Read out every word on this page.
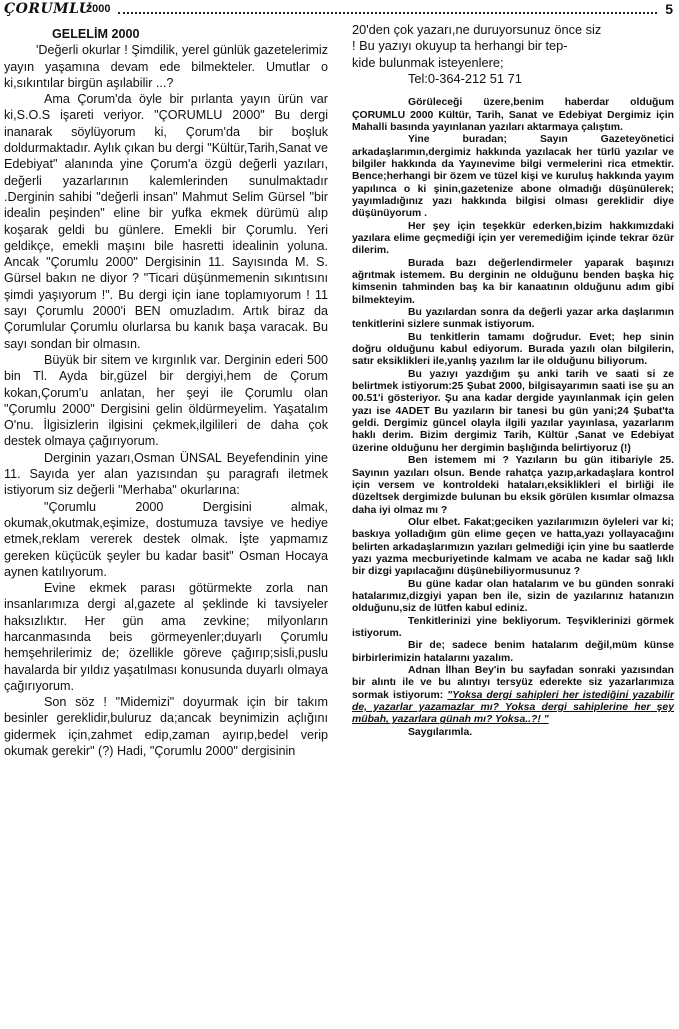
ÇORUMLU
2000	5
GELELİM 2000

'Değerli okurlar ! Şimdilik, yerel günlük gazetelerimiz yayın yaşamına devam ede bilmekteler. Umutlar o ki,sıkıntılar birgün aşılabilir ...?

Ama Çorum'da öyle bir pırlanta yayın ürün var ki,S.O.S işareti veriyor. "ÇORUMLU 2000" Bu dergi inanarak söylüyorum ki, Çorum'da bir boşluk doldurmaktadır. Aylık çıkan bu dergi "Kültür,Tarih,Sanat ve Edebiyat" alanında yine Çorum'a özgü değerli yazıları, değerli yazarlarının kalemlerinden sunulmaktadır .Derginin sahibi "değerli insan" Mahmut Selim Gürsel "bir idealin peşinden" eline bir yufka ekmek dürümü alıp koşarak geldi bu günlere. Emekli bir Çorumlu. Yeri geldikçe, emekli maşını bile hasretti idealinin yoluna. Ancak "Çorumlu 2000" Dergisinin 11. Sayısında M. S. Gürsel bakın ne diyor ? "Ticari düşünmemenin sıkıntısını şimdi yaşıyorum !". Bu dergi için iane toplamıyorum ! 11 sayı Çorumlu 2000'i BEN omuzladım. Artık biraz da Çorumlular Çorumlu olurlarsa bu kanık başa varacak. Bu sayı sondan bir olmasın.

Büyük bir sitem ve kırgınlık var. Derginin ederi 500 bin Tl. Ayda bir,güzel bir dergiyi,hem de Çorum kokan,Çorum'u anlatan, her şeyi ile Çorumlu olan "Çorumlu 2000" Dergisini gelin öldürmeyelim. Yaşatalım O'nu. İlgisizlerin ilgisini çekmek,ilgilileri de daha çok destek olmaya çağırıyorum.

Derginin yazarı,Osman ÜNSAL Beyefendinin yine 11. Sayıda yer alan yazısından şu paragrafı iletmek istiyorum siz değerli "Merhaba" okurlarına:

"Çorumlu 2000 Dergisini almak, okumak,okutmak,eşimize, dostumuza tavsiye ve hediye etmek,reklam vererek destek olmak. İşte yapmamız gereken küçücük şeyler bu kadar basit" Osman Hocaya aynen katılıyorum.

Evine ekmek parası götürmekte zorla nan insanlarımıza dergi al,gazete al şeklinde ki tavsiyeler haksızlıktır. Her gün ama zevkine; milyonların harcanmasında beis görmeyenler;duyarlı Çorumlu hemşehrilerimiz de; özellikle göreve çağırıp;sisli,puslu havalarda bir yıldız yaşatılması konusunda duyarlı olmaya çağırıyorum.

Son söz ! "Midemizi" doyurmak için bir takım besinler gereklidir,buluruz da;ancak beynimizin açlığını gidermek için,zahmet edip,zaman ayırıp,bedel verip okumak gerekir" (?) Hadi, "Çorumlu 2000" dergisinin

20'den çok yazarı,ne duruyorsunuz önce siz
! Bu yazıyı okuyup ta herhangi bir tep-
kide bulunmak isteyenlere;
Tel:0-364-212 51 71

Görüleceği üzere,benim haberdar olduğum ÇORUMLU 2000 Kültür, Tarih, Sanat ve Edebiyat Dergimiz için Mahalli basında yayınlanan yazıları aktarmaya çalıştım.

Yine buradan; Sayın Gazeteyönetici arkadaşlarımın,dergimiz hakkında yazılacak her türlü yazılar ve bilgiler hakkında da Yayınevime bilgi vermelerini rica etmektir. Bence;herhangi bir özem ve tüzel kişi ve kuruluş hakkında yayım yapılınca o ki şinin,gazetenize abone olmadığı düşünülerek; yayımladığınız yazı hakkında bilgisi olması gereklidir diye düşünüyorum .

Her şey için teşekkür ederken,bizim hakkımızdaki yazılara elime geçmediği için yer veremediğim içinde tekrar özür dilerim.

Burada bazı değerlendirmeler yaparak başınızı ağrıtmak istemem. Bu derginin ne olduğunu benden başka hiç kimsenin tahminden baş ka bir kanaatının olduğunu adım gibi bilmekteyim.

Bu yazılardan sonra da değerli yazar arka daşlarımın tenkitlerini sizlere sunmak istiyorum.

Bu tenkitlerin tamamı doğrudur. Evet; hep sinin doğru olduğunu kabul ediyorum. Burada yazılı olan bilgilerin, satır eksiklikleri ile,yanlış yazılım lar ile olduğunu biliyorum.

Bu yazıyı yazdığım şu anki tarih ve saati si ze belirtmek istiyorum:25 Şubat 2000, bilgisayarımın saati ise şu an 00.51'i gösteriyor. Şu ana kadar dergide yayınlanmak için gelen yazı ise 4ADET Bu yazıların bir tanesi bu gün yani;24 Şubat'ta geldi. Dergimiz güncel olayla ilgili yazılar yayınlasa, yazarlarım haklı derim. Bizim dergimiz Tarih, Kültür ,Sanat ve Edebiyat üzerine olduğunu her dergimin başlığında belirtiyoruz (!)

Ben istemem mi ? Yazıların bu gün itibariyle 25. Sayının yazıları olsun. Bende rahatça yazıp,arkadaşlara kontrol için versem ve kontroldeki hataları,eksiklikleri el birliği ile düzeltsek dergimizde bulunan bu eksik görülen kısımlar olmazsa daha iyi olmaz mı ?

Olur elbet. Fakat;geciken yazılarımızın öyleleri var ki; baskıya yolladığım gün elime geçen ve hatta,yazı yollayacağını belirten arkadaşlarımızın yazıları gelmediği için yine bu saatlerde yazı yazma mecburiyetinde kalmam ve acaba ne kadar sağ lıklı bir dizgi yapılacağını düşünebiliyormusunuz ?

Bu güne kadar olan hatalarım ve bu günden sonraki hatalarımız,dizgiyi yapan ben ile, sizin de yazılarınız hatanızın olduğunu,siz de lütfen kabul ediniz.

Tenkitlerinizi yine bekliyorum. Teşviklerinizi görmek istiyorum.

Bir de; sadece benim hatalarım değil,müm künse birbirlerimizin hatalarını yazalım.

Adnan İlhan Bey'in bu sayfadan sonraki yazısından bir alıntı ile ve bu alıntıyı tersyüz ederekte siz yazarlarımıza sormak istiyorum: "Yoksa dergi sahipleri her istediğini yazabilir de, yazarlar yazamazlar mı? Yoksa dergi sahiplerine her şey mübah, yazarlara günah mı? Yoksa..?! "

Saygılarımla.
